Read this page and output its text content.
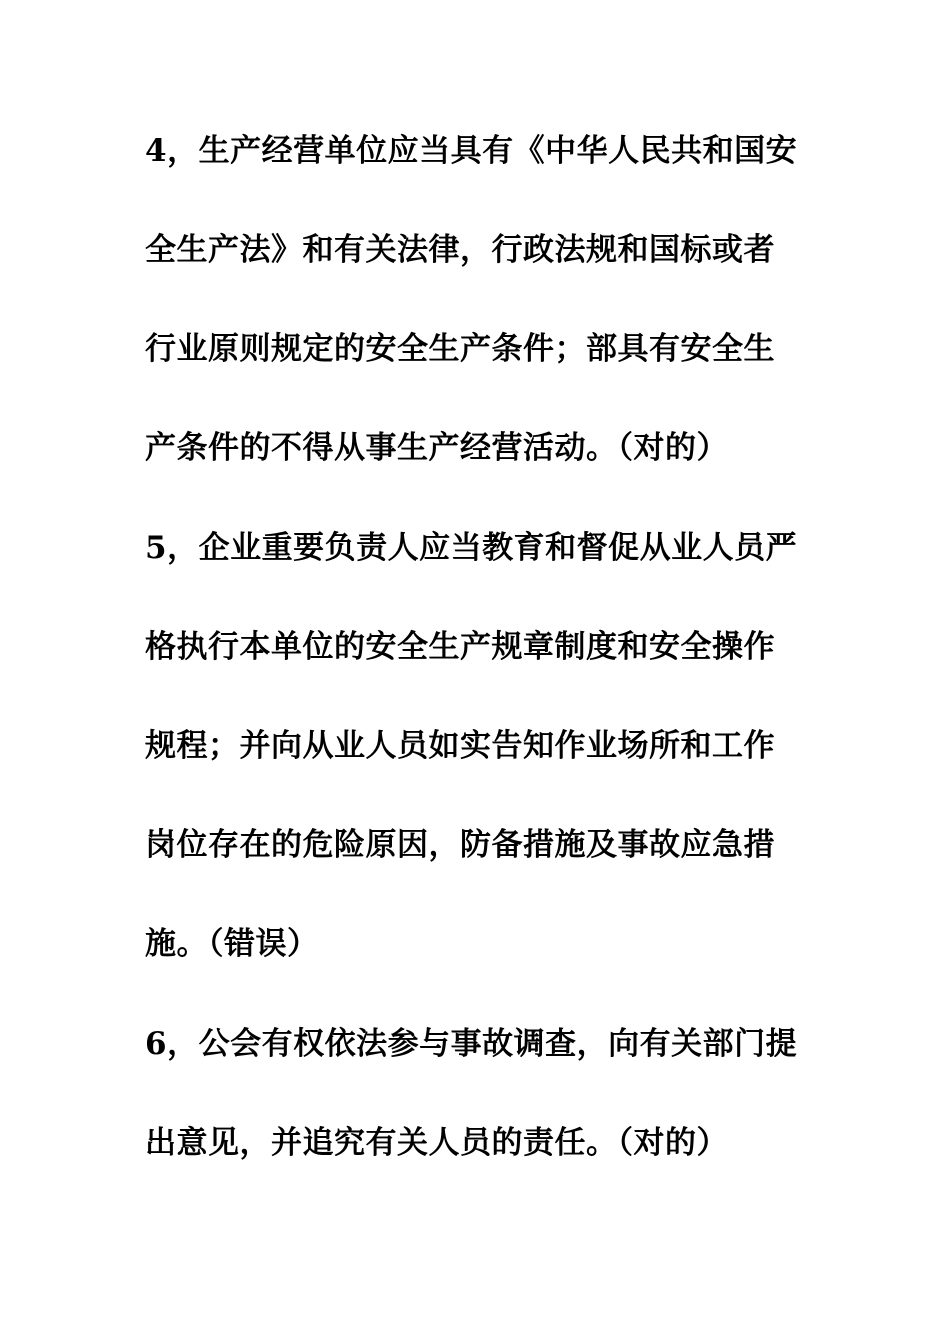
4，生产经营单位应当具有《中华人民共和国安
全生产法》和有关法律，行政法规和国标或者
行业原则规定的安全生产条件；部具有安全生
产条件的不得从事生产经营活动。（对的）
5，企业重要负责人应当教育和督促从业人员严
格执行本单位的安全生产规章制度和安全操作
规程；并向从业人员如实告知作业场所和工作
岗位存在的危险原因，防备措施及事故应急措
施。（错误）
6，公会有权依法参与事故调查，向有关部门提
出意见，并追究有关人员的责任。（对的）
